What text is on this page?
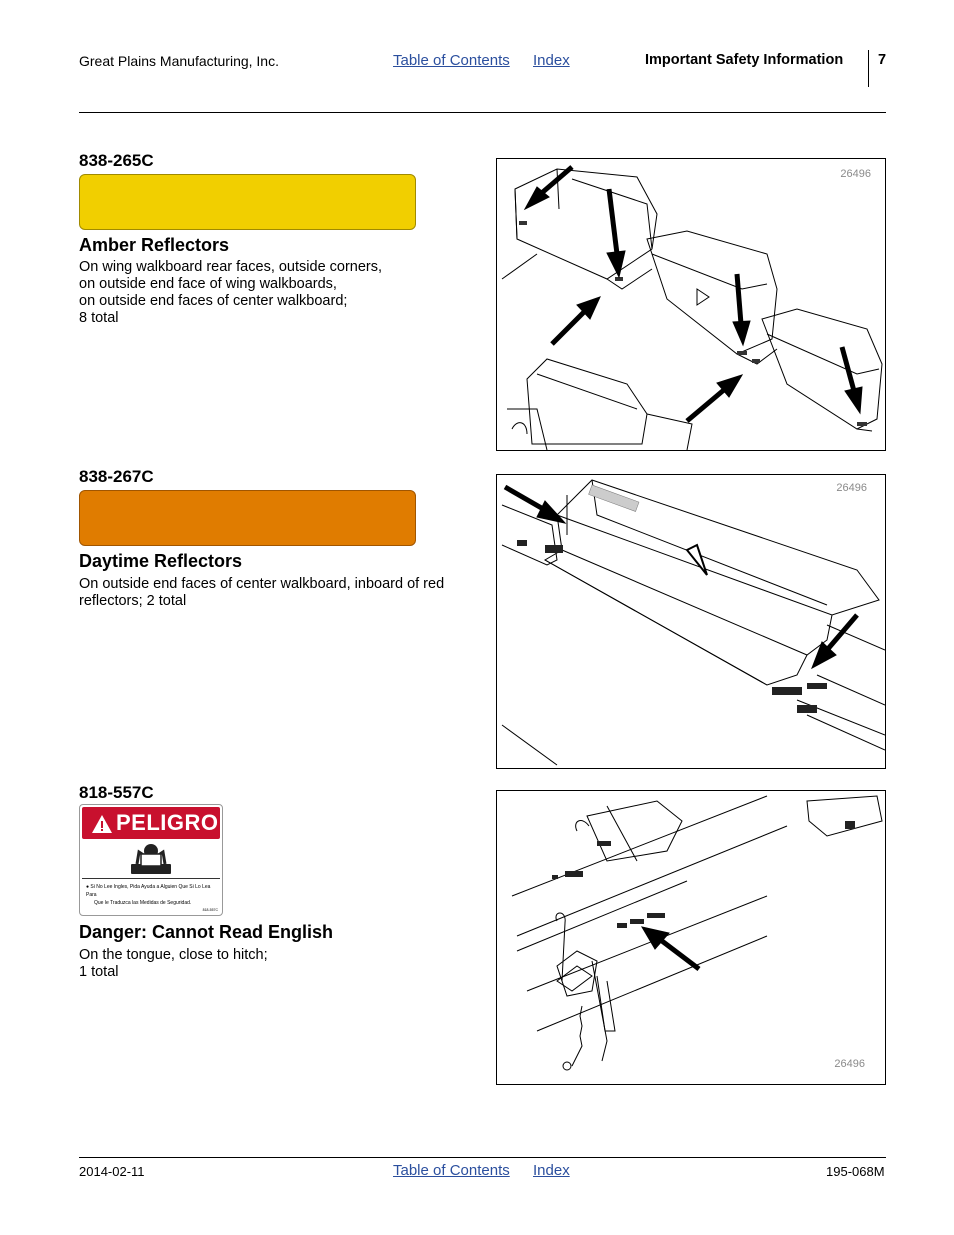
Great Plains Manufacturing, Inc.	Table of Contents Index	Important Safety Information 7
838-265C
Amber Reflectors
On wing walkboard rear faces, outside corners,
on outside end face of wing walkboards,
on outside end faces of center walkboard;
8 total
26496
838-267C
Daytime Reflectors
On outside end faces of center walkboard, inboard of red
reflectors; 2 total
26496
818-557C
PELIGRO
● Si No Lee Ingles, Pida Ayuda a Alguien Que Si Lo Lea Para
Que le Traduzca las Medidas de Seguridad.
818-557C
Danger: Cannot Read English
On the tongue, close to hitch;
1 total
26496
2014-02-11	Table of Contents Index	195-068M
